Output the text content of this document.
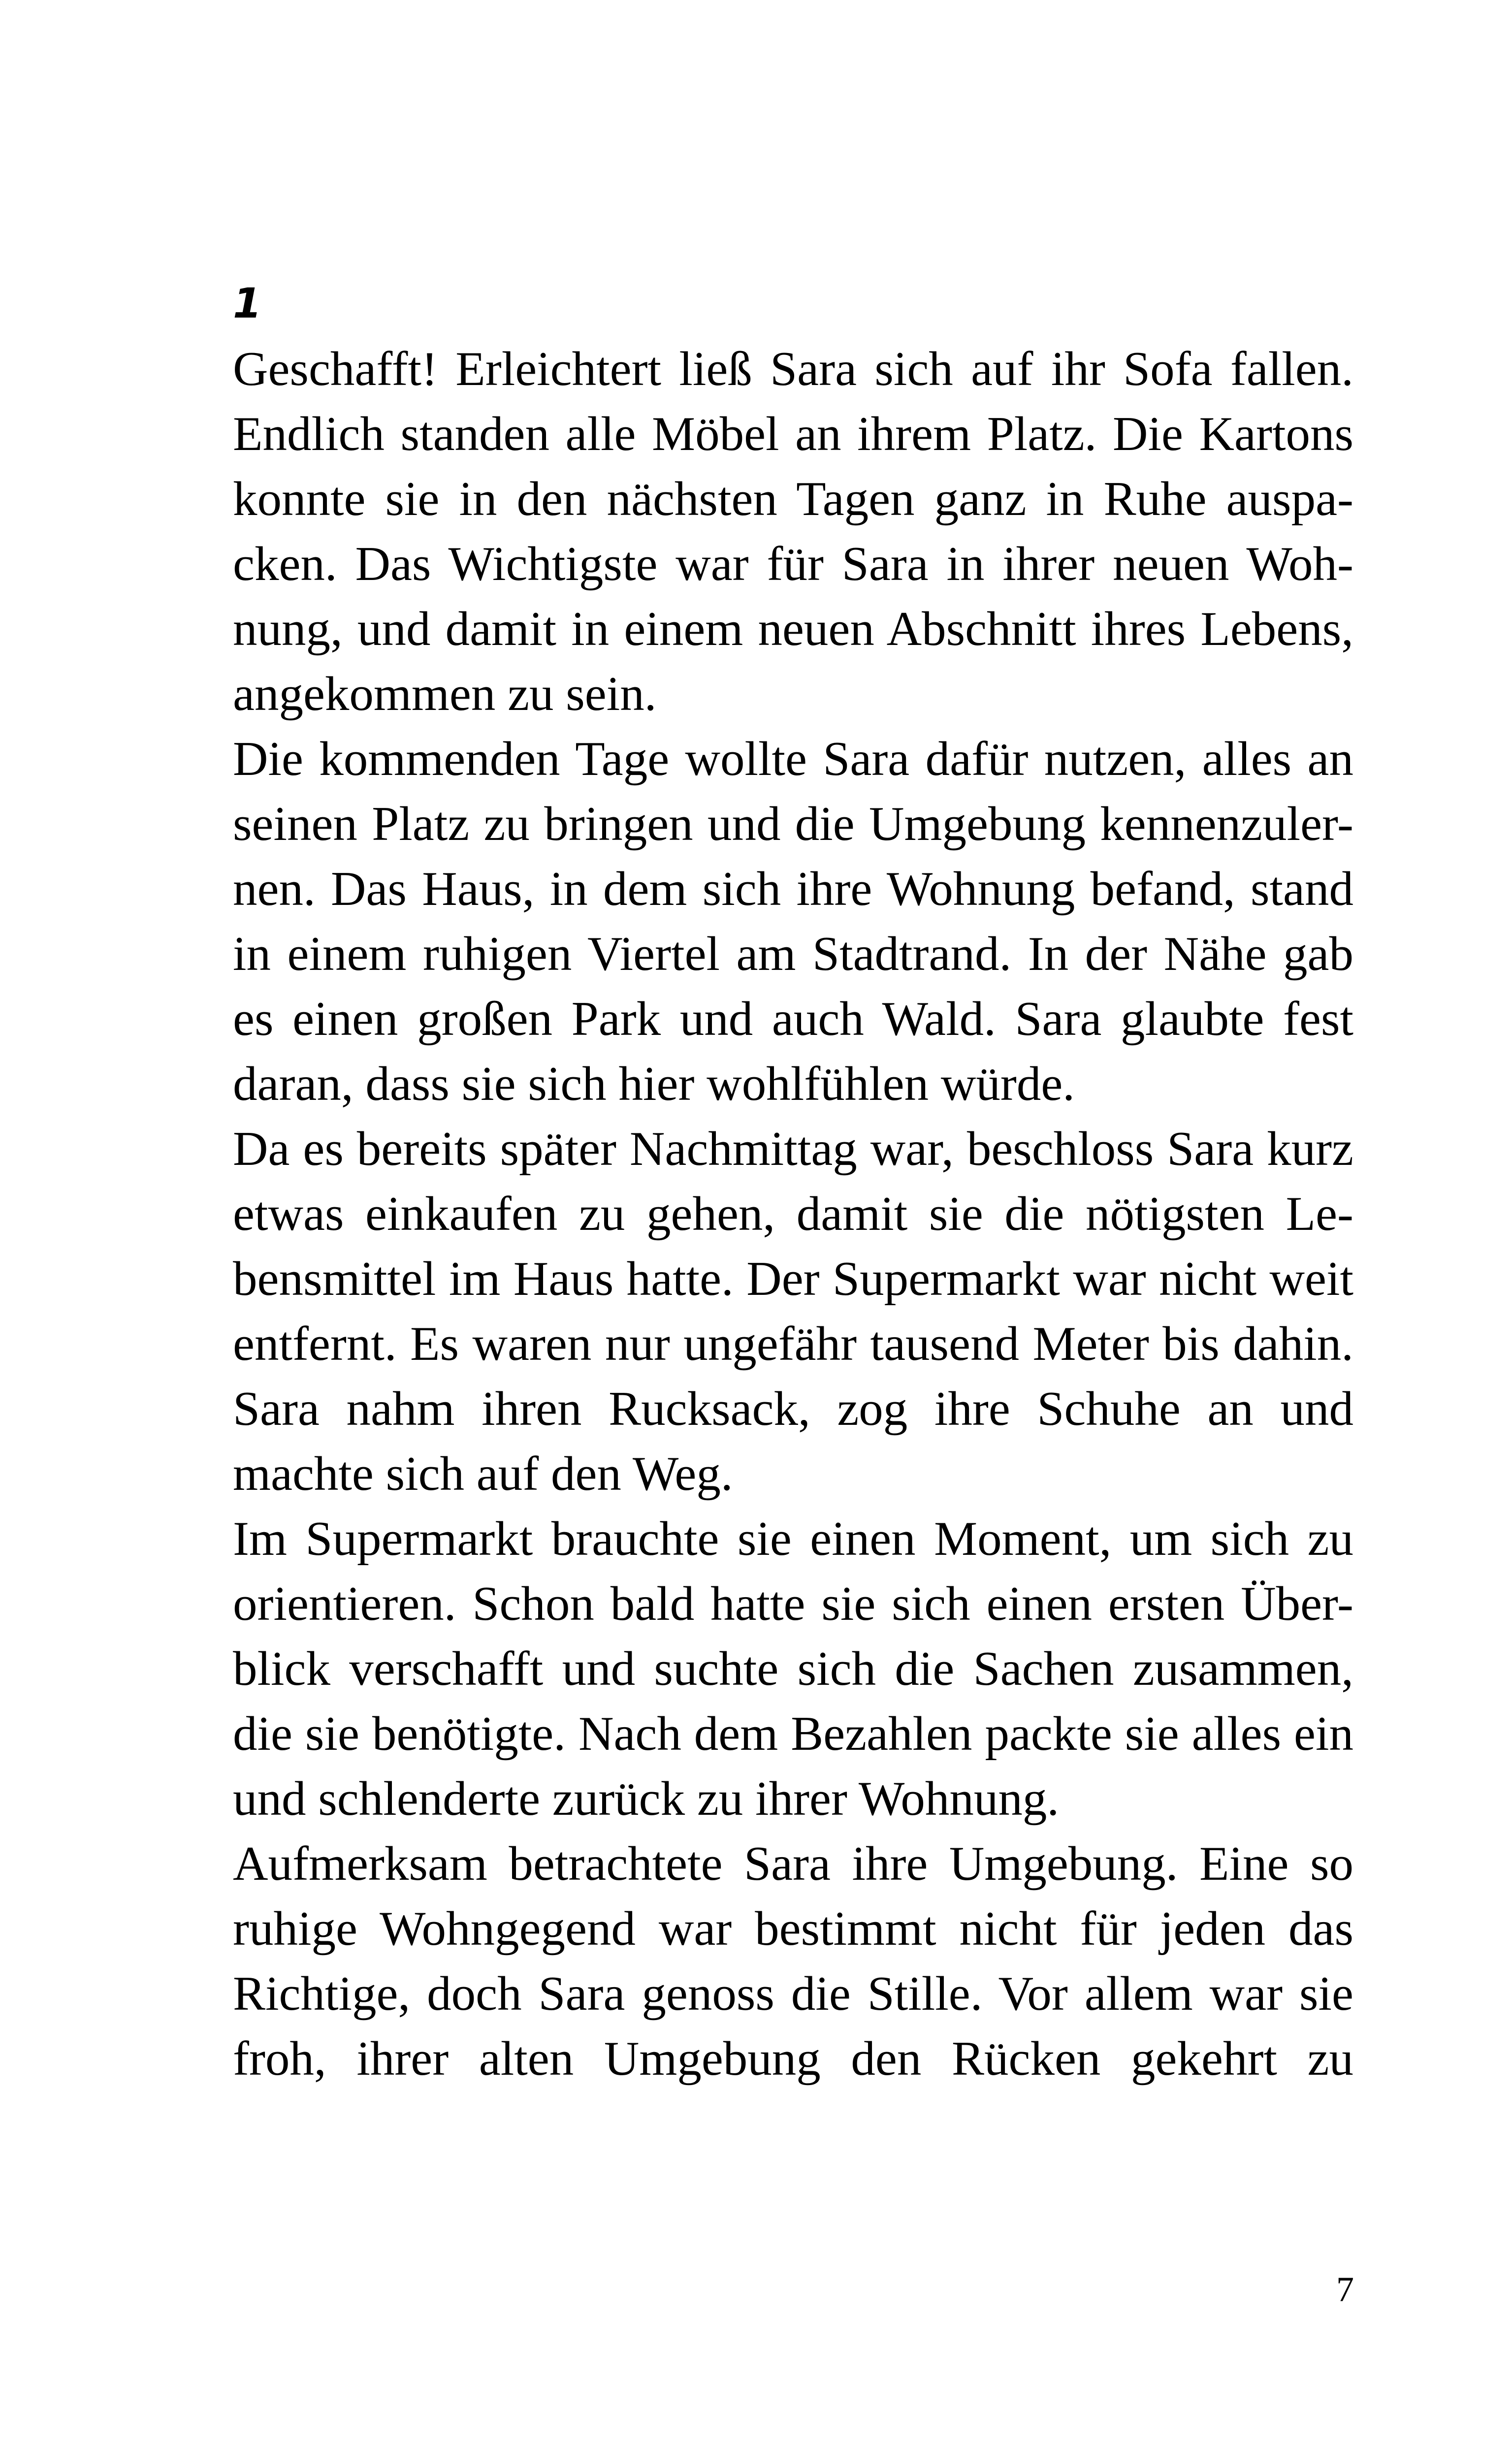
1
Geschafft! Erleichtert ließ Sara sich auf ihr Sofa fallen.
Endlich standen alle Möbel an ihrem Platz. Die Kartons
konnte sie in den nächsten Tagen ganz in Ruhe auspa-
cken. Das Wichtigste war für Sara in ihrer neuen Woh-
nung, und damit in einem neuen Abschnitt ihres Lebens,
angekommen zu sein.
Die kommenden Tage wollte Sara dafür nutzen, alles an
seinen Platz zu bringen und die Umgebung kennenzuler-
nen. Das Haus, in dem sich ihre Wohnung befand, stand
in einem ruhigen Viertel am Stadtrand. In der Nähe gab
es einen großen Park und auch Wald. Sara glaubte fest
daran, dass sie sich hier wohlfühlen würde.
Da es bereits später Nachmittag war, beschloss Sara kurz
etwas einkaufen zu gehen, damit sie die nötigsten Le-
bensmittel im Haus hatte. Der Supermarkt war nicht weit
entfernt. Es waren nur ungefähr tausend Meter bis dahin.
Sara nahm ihren Rucksack, zog ihre Schuhe an und
machte sich auf den Weg.
Im Supermarkt brauchte sie einen Moment, um sich zu
orientieren. Schon bald hatte sie sich einen ersten Über-
blick verschafft und suchte sich die Sachen zusammen,
die sie benötigte. Nach dem Bezahlen packte sie alles ein
und schlenderte zurück zu ihrer Wohnung.
Aufmerksam betrachtete Sara ihre Umgebung. Eine so
ruhige Wohngegend war bestimmt nicht für jeden das
Richtige, doch Sara genoss die Stille. Vor allem war sie
froh, ihrer alten Umgebung den Rücken gekehrt zu
7
